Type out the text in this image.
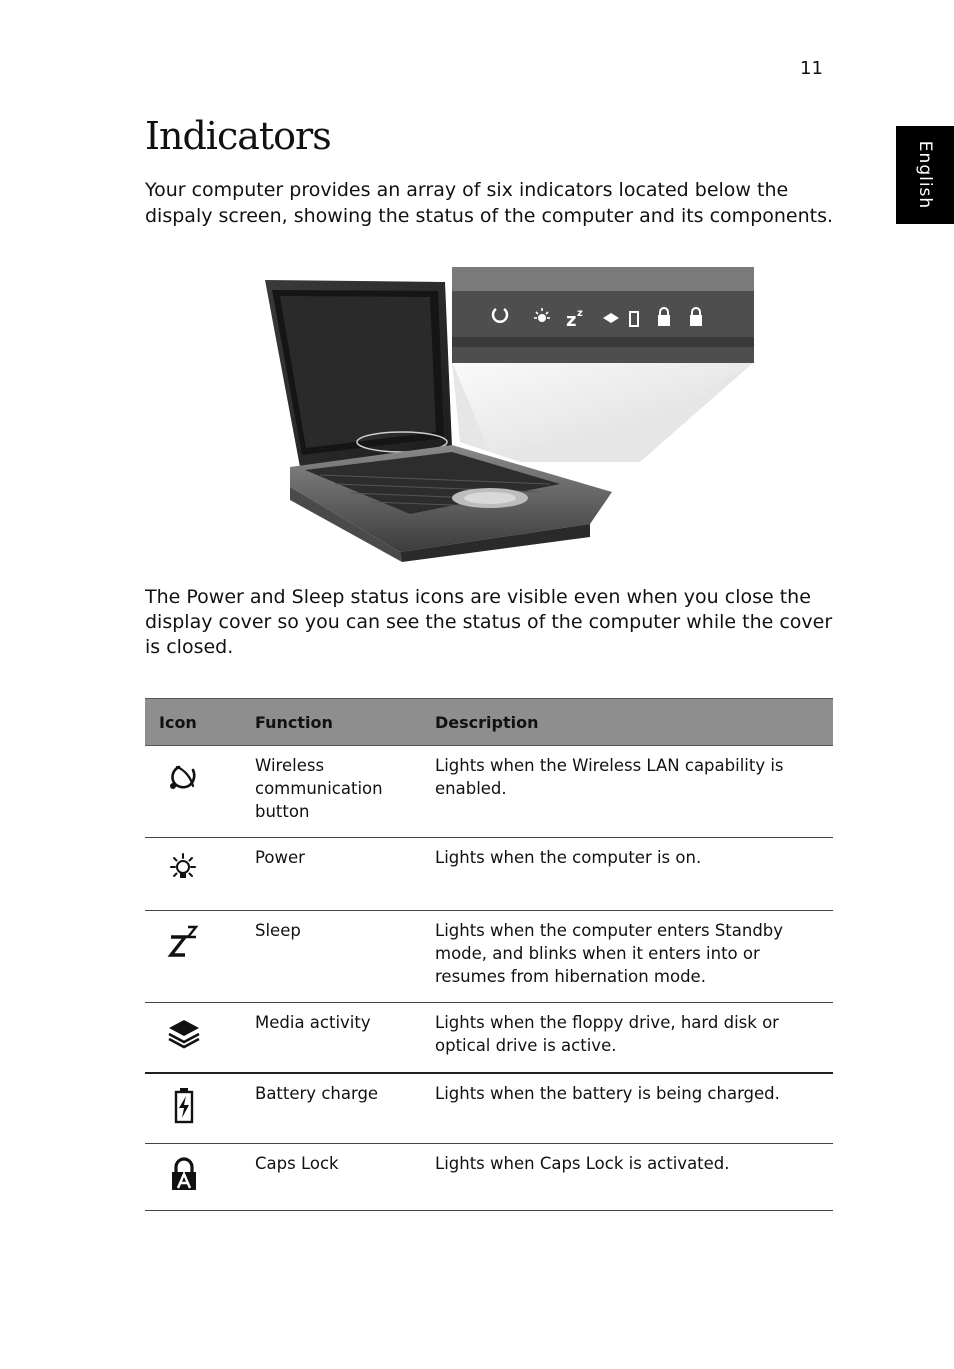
11
English
Indicators

Your computer provides an array of six indicators located below the dispaly screen, showing the status of the computer and its components.

z z

The Power and Sleep status icons are visible even when you close the display cover so you can see the status of the computer while the cover is closed.

Icon	Function	Description
	Wireless communication button	Lights when the Wireless LAN capability is enabled.
	Power	Lights when the computer is on.
	Sleep	Lights when the computer enters Standby mode, and blinks when it enters into or resumes from hibernation mode.
	Media activity	Lights when the floppy drive, hard disk or optical drive is active.
	Battery charge	Lights when the battery is being charged.
	Caps Lock	Lights when Caps Lock is activated.
